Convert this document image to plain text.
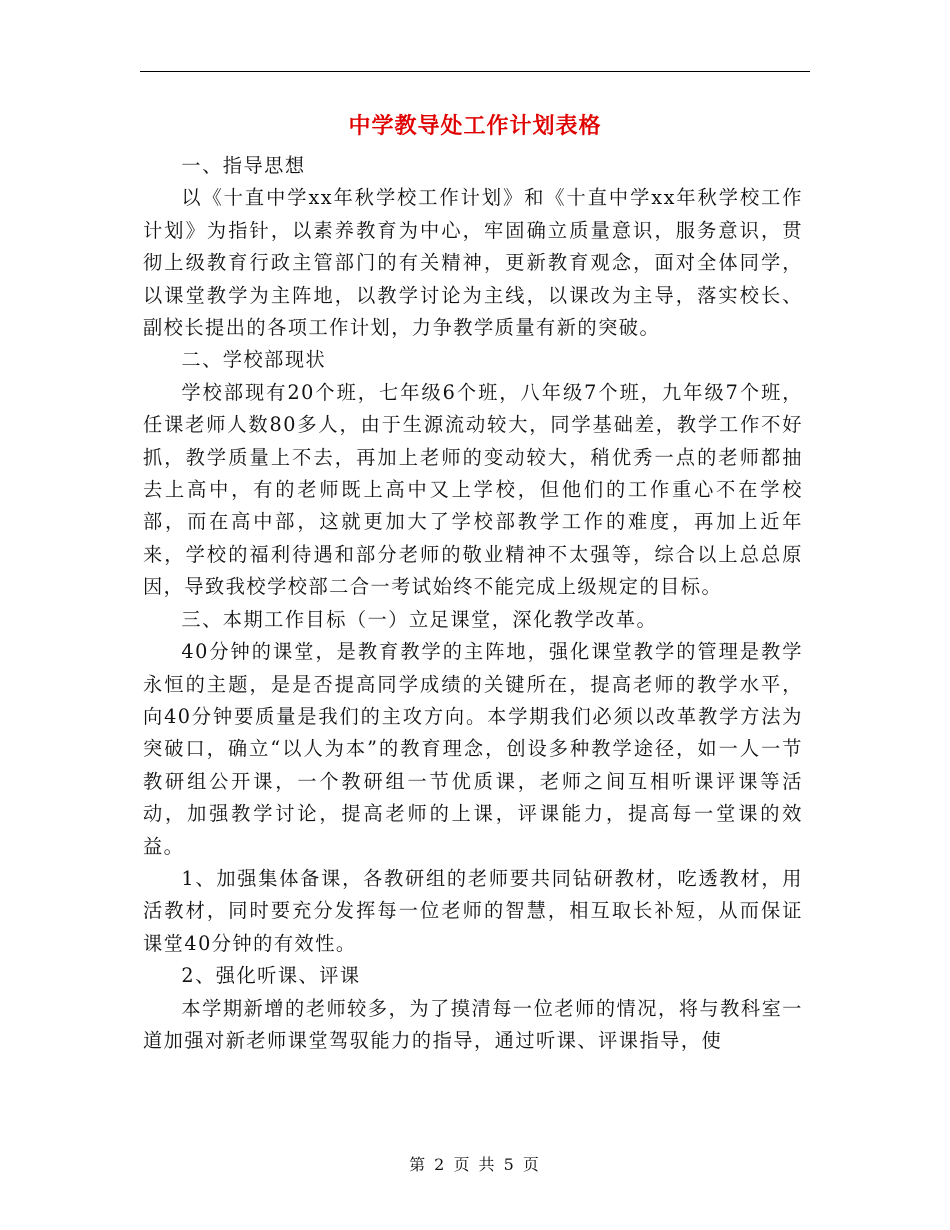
中学教导处工作计划表格

一、指导思想

以《十直中学xx年秋学校工作计划》和《十直中学xx年秋学校工作计划》为指针，以素养教育为中心，牢固确立质量意识，服务意识，贯彻上级教育行政主管部门的有关精神，更新教育观念，面对全体同学，以课堂教学为主阵地，以教学讨论为主线，以课改为主导，落实校长、副校长提出的各项工作计划，力争教学质量有新的突破。

二、学校部现状

学校部现有20个班，七年级6个班，八年级7个班，九年级7个班，任课老师人数80多人，由于生源流动较大，同学基础差，教学工作不好抓，教学质量上不去，再加上老师的变动较大，稍优秀一点的老师都抽去上高中，有的老师既上高中又上学校，但他们的工作重心不在学校部，而在高中部，这就更加大了学校部教学工作的难度，再加上近年来，学校的福利待遇和部分老师的敬业精神不太强等，综合以上总总原因，导致我校学校部二合一考试始终不能完成上级规定的目标。

三、本期工作目标（一）立足课堂，深化教学改革。

40分钟的课堂，是教育教学的主阵地，强化课堂教学的管理是教学永恒的主题，是是否提高同学成绩的关键所在，提高老师的教学水平，向40分钟要质量是我们的主攻方向。本学期我们必须以改革教学方法为突破口，确立“以人为本”的教育理念，创设多种教学途径，如一人一节教研组公开课，一个教研组一节优质课，老师之间互相听课评课等活动，加强教学讨论，提高老师的上课，评课能力，提高每一堂课的效益。

1、加强集体备课，各教研组的老师要共同钻研教材，吃透教材，用活教材，同时要充分发挥每一位老师的智慧，相互取长补短，从而保证课堂40分钟的有效性。

2、强化听课、评课

本学期新增的老师较多，为了摸清每一位老师的情况，将与教科室一道加强对新老师课堂驾驭能力的指导，通过听课、评课指导，使

第 2 页 共 5 页
